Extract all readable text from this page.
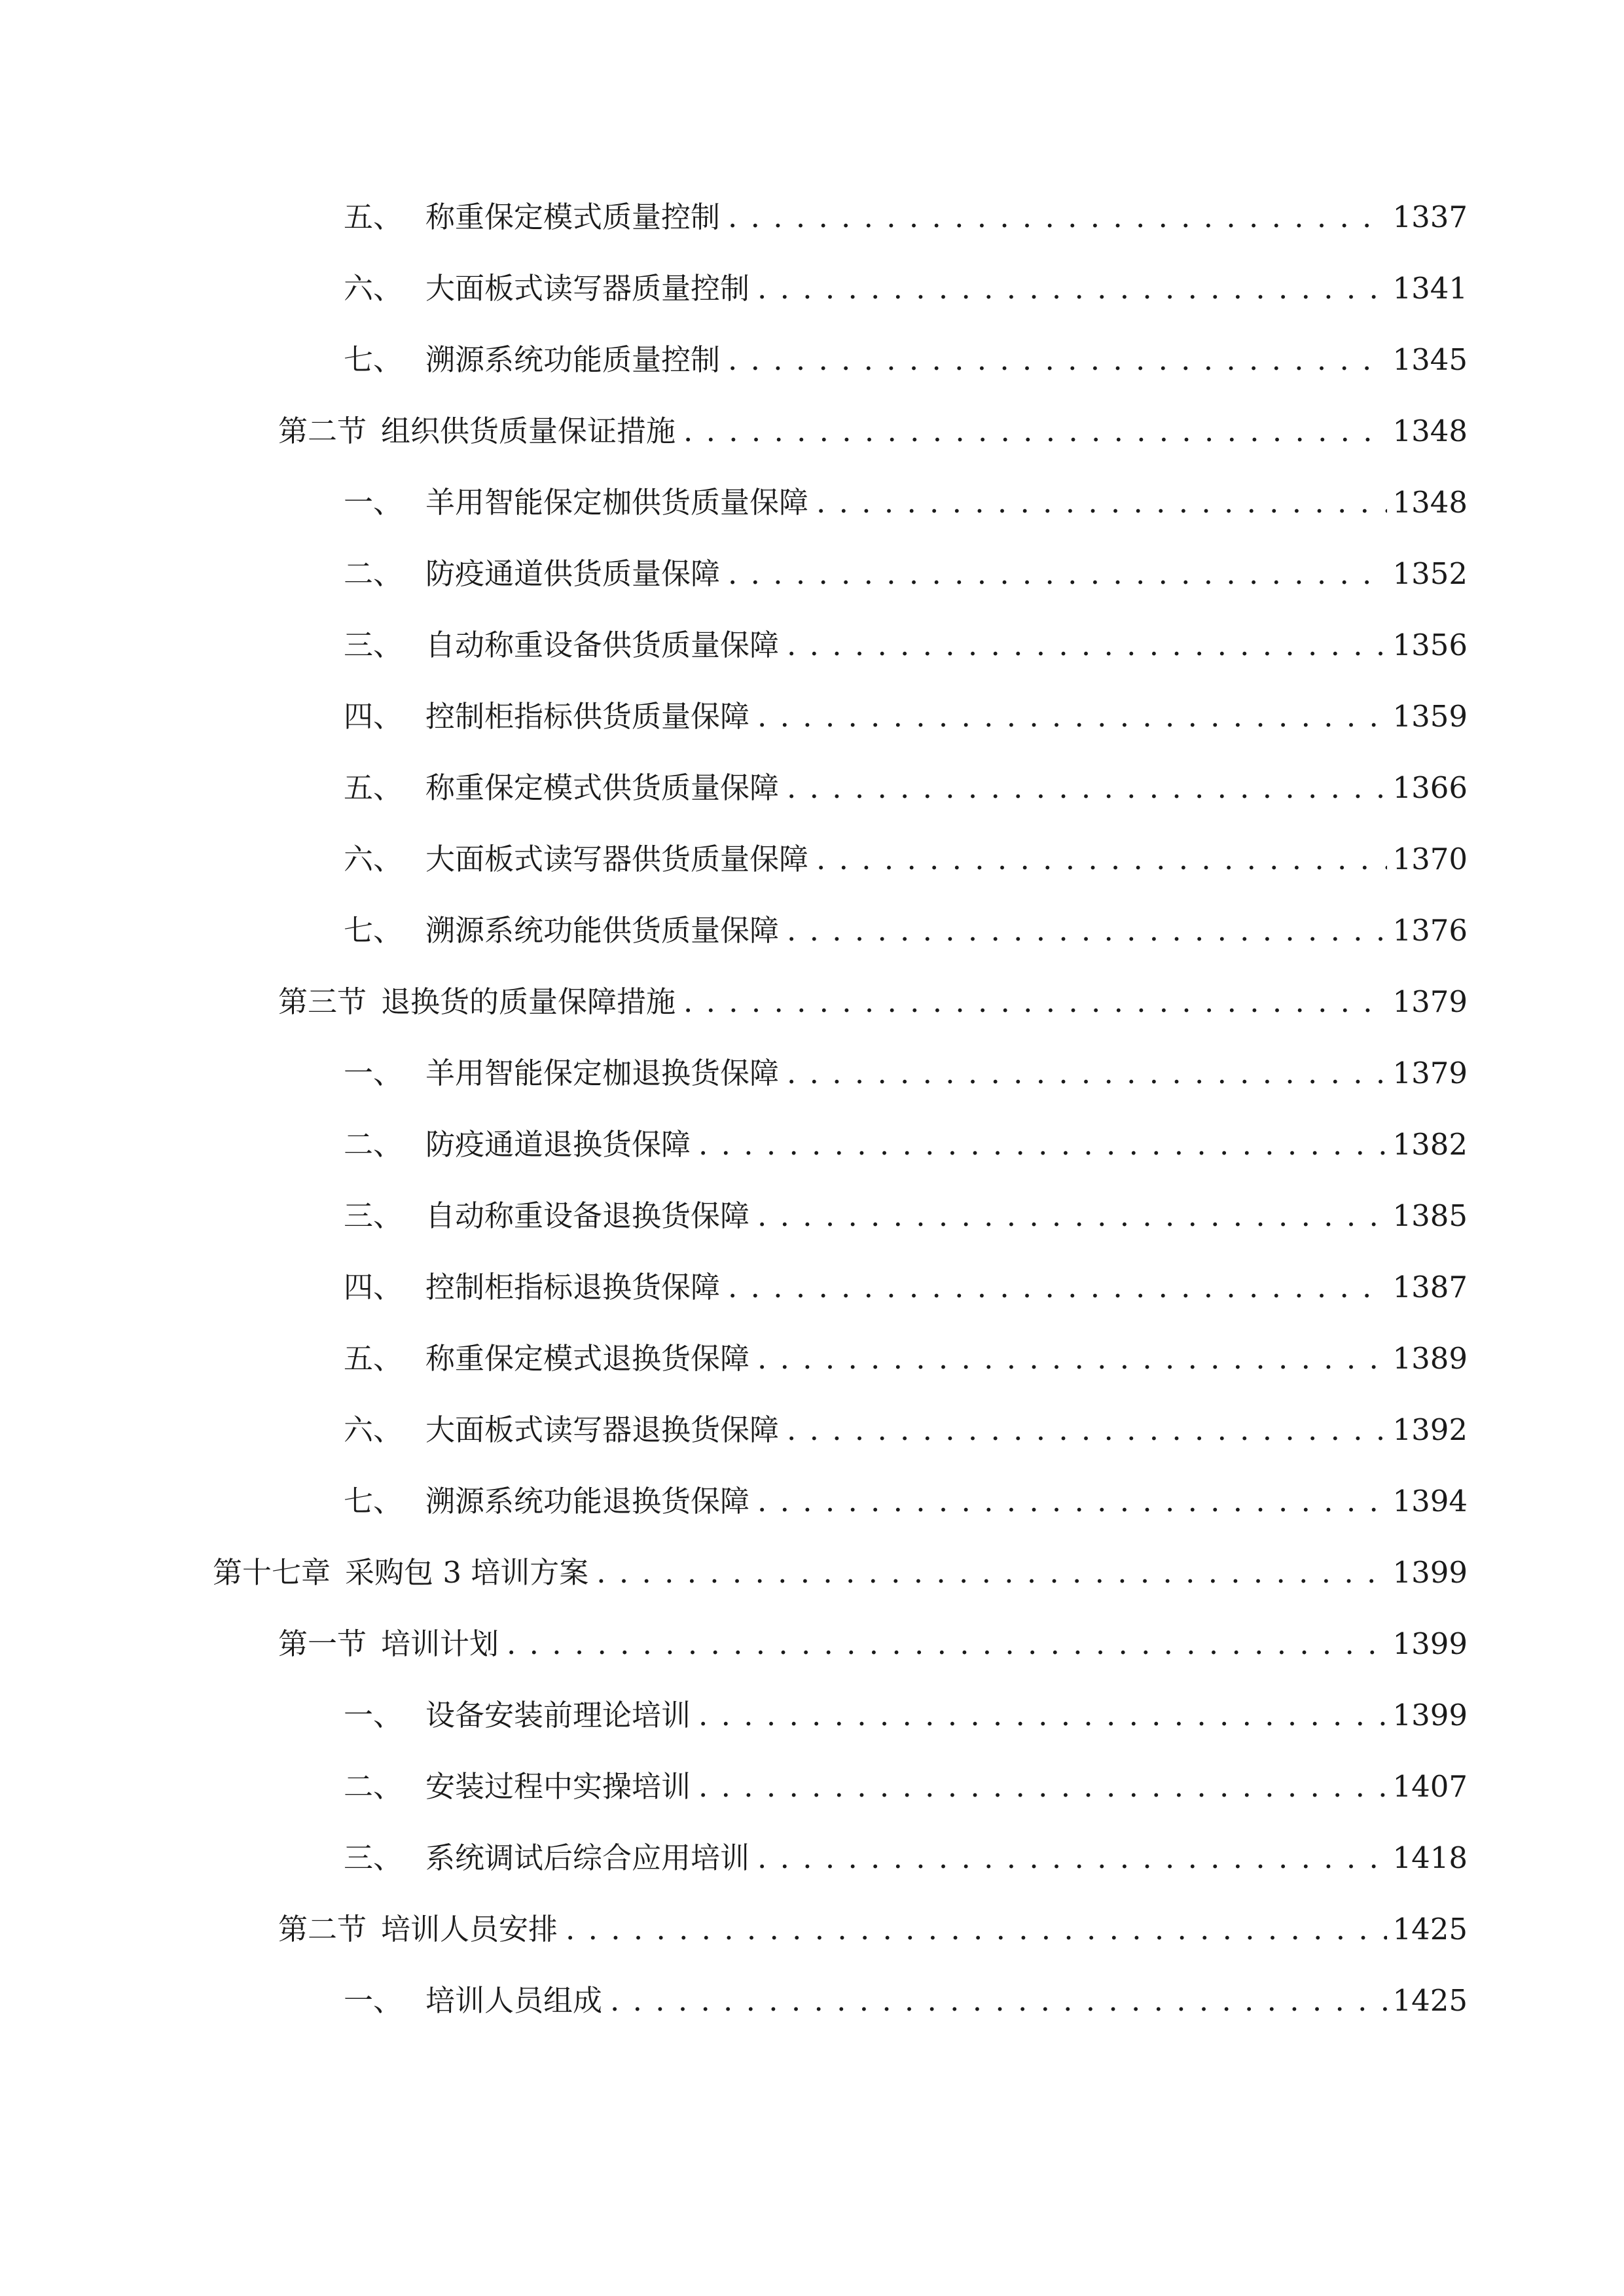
五、 称重保定模式质量控制 . . .	1337
六、 大面板式读写器质量控制 . . .	1341
七、 溯源系统功能质量控制 . . .	1345
第二节 组织供货质量保证措施 . . .	1348
一、 羊用智能保定枷供货质量保障 . . .	1348
二、 防疫通道供货质量保障 . . .	1352
三、 自动称重设备供货质量保障 . . .	1356
四、 控制柜指标供货质量保障 . . .	1359
五、 称重保定模式供货质量保障 . . .	1366
六、 大面板式读写器供货质量保障 . . .	1370
七、 溯源系统功能供货质量保障 . . .	1376
第三节 退换货的质量保障措施 . . .	1379
一、 羊用智能保定枷退换货保障 . . .	1379
二、 防疫通道退换货保障 . . .	1382
三、 自动称重设备退换货保障 . . .	1385
四、 控制柜指标退换货保障 . . .	1387
五、 称重保定模式退换货保障 . . .	1389
六、 大面板式读写器退换货保障 . . .	1392
七、 溯源系统功能退换货保障 . . .	1394
第十七章 采购包 3 培训方案 . . .	1399
第一节 培训计划 . . .	1399
一、 设备安装前理论培训 . . .	1399
二、 安装过程中实操培训 . . .	1407
三、 系统调试后综合应用培训 . . .	1418
第二节 培训人员安排 . . .	1425
一、 培训人员组成 . . .	1425
